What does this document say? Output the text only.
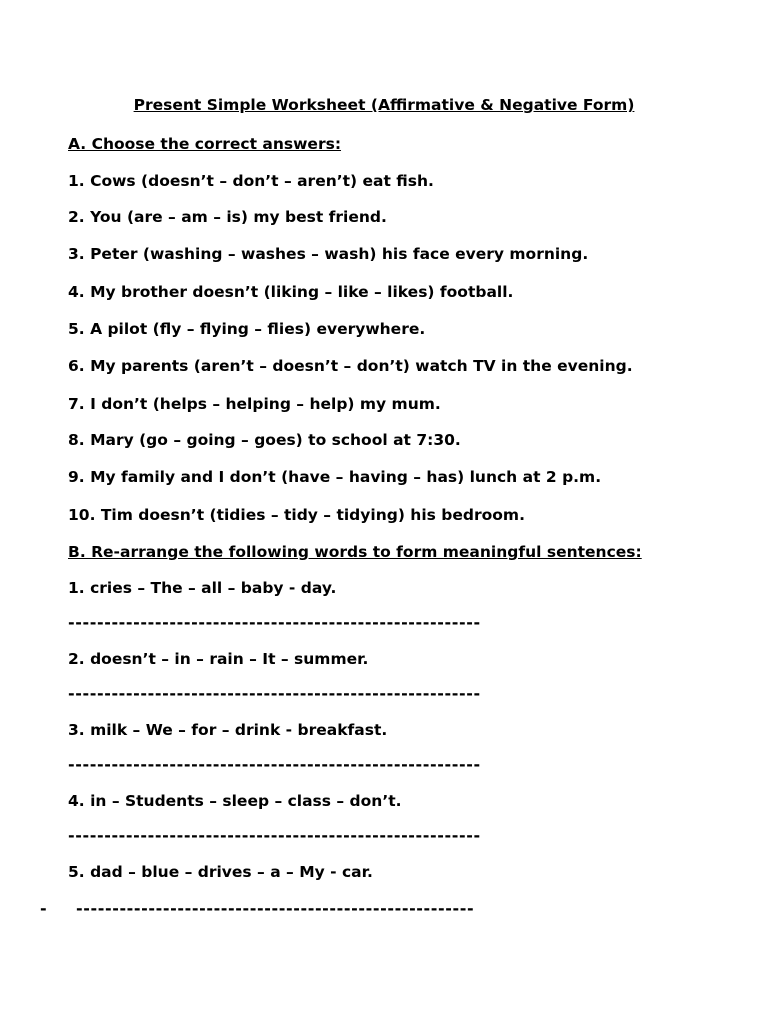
Present Simple Worksheet (Affirmative & Negative Form)
A. Choose the correct answers:
1. Cows (doesn’t – don’t – aren’t) eat fish.
2. You (are – am – is) my best friend.
3. Peter (washing – washes – wash) his face every morning.
4. My brother doesn’t (liking – like – likes) football.
5. A pilot (fly – flying – flies) everywhere.
6. My parents (aren’t – doesn’t – don’t) watch TV in the evening.
7. I don’t (helps – helping – help) my mum.
8. Mary (go – going – goes) to school at 7:30.
9. My family and I don’t (have – having – has) lunch at 2 p.m.
10. Tim doesn’t (tidies – tidy – tidying) his bedroom.
B. Re-arrange the following words to form meaningful sentences:
1. cries – The – all – baby - day.
---------------------------------------------------------
2. doesn’t – in – rain – It – summer.
---------------------------------------------------------
3. milk – We – for – drink - breakfast.
---------------------------------------------------------
4. in – Students – sleep – class – don’t.
---------------------------------------------------------
5. dad – blue – drives – a – My - car.
- -------------------------------------------------------
